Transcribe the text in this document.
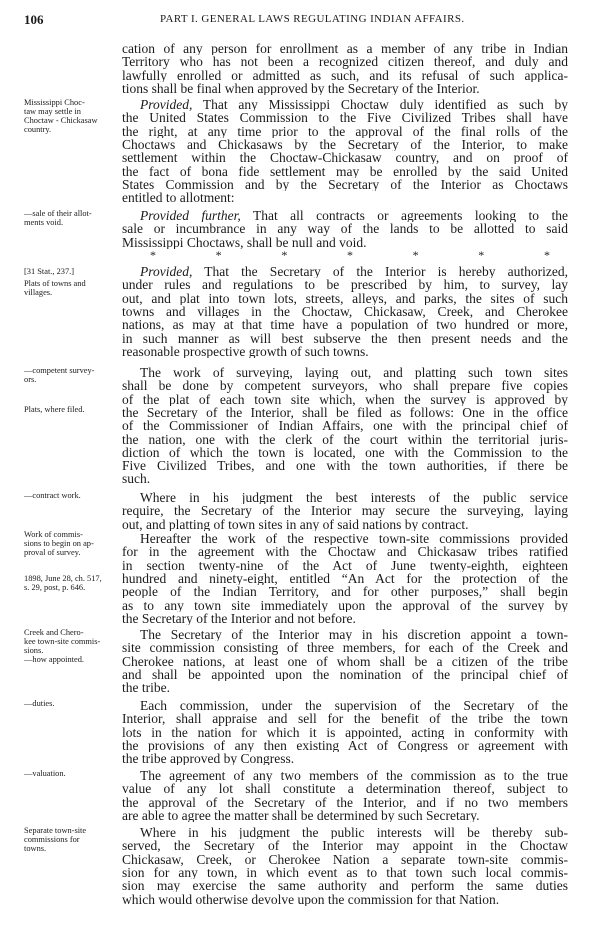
106	PART I. GENERAL LAWS REGULATING INDIAN AFFAIRS.
cation of any person for enrollment as a member of any tribe in Indian
Territory who has not been a recognized citizen thereof, and duly and
lawfully enrolled or admitted as such, and its refusal of such applica-
tions shall be final when approved by the Secretary of the Interior.
Provided, That any Mississippi Choctaw duly identified as such by
the United States Commission to the Five Civilized Tribes shall have
the right, at any time prior to the approval of the final rolls of the
Choctaws and Chickasaws by the Secretary of the Interior, to make
settlement within the Choctaw-Chickasaw country, and on proof of
the fact of bona fide settlement may be enrolled by the said United
States Commission and by the Secretary of the Interior as Choctaws
entitled to allotment:
Provided further, That all contracts or agreements looking to the
sale or incumbrance in any way of the lands to be allotted to said
Mississippi Choctaws, shall be null and void.
Provided, That the Secretary of the Interior is hereby authorized,
under rules and regulations to be prescribed by him, to survey, lay
out, and plat into town lots, streets, alleys, and parks, the sites of such
towns and villages in the Choctaw, Chickasaw, Creek, and Cherokee
nations, as may at that time have a population of two hundred or more,
in such manner as will best subserve the then present needs and the
reasonable prospective growth of such towns.
The work of surveying, laying out, and platting such town sites
shall be done by competent surveyors, who shall prepare five copies
of the plat of each town site which, when the survey is approved by
the Secretary of the Interior, shall be filed as follows: One in the office
of the Commissioner of Indian Affairs, one with the principal chief of
the nation, one with the clerk of the court within the territorial juris-
diction of which the town is located, one with the Commission to the
Five Civilized Tribes, and one with the town authorities, if there be
such.
Where in his judgment the best interests of the public service
require, the Secretary of the Interior may secure the surveying, laying
out, and platting of town sites in any of said nations by contract.
Hereafter the work of the respective town-site commissions provided
for in the agreement with the Choctaw and Chickasaw tribes ratified
in section twenty-nine of the Act of June twenty-eighth, eighteen
hundred and ninety-eight, entitled “An Act for the protection of the
people of the Indian Territory, and for other purposes,” shall begin
as to any town site immediately upon the approval of the survey by
the Secretary of the Interior and not before.
The Secretary of the Interior may in his discretion appoint a town-
site commission consisting of three members, for each of the Creek and
Cherokee nations, at least one of whom shall be a citizen of the tribe
and shall be appointed upon the nomination of the principal chief of
the tribe.
Each commission, under the supervision of the Secretary of the
Interior, shall appraise and sell for the benefit of the tribe the town
lots in the nation for which it is appointed, acting in conformity with
the provisions of any then existing Act of Congress or agreement with
the tribe approved by Congress.
The agreement of any two members of the commission as to the true
value of any lot shall constitute a determination thereof, subject to
the approval of the Secretary of the Interior, and if no two members
are able to agree the matter shall be determined by such Secretary.
Where in his judgment the public interests will be thereby sub-
served, the Secretary of the Interior may appoint in the Choctaw
Chickasaw, Creek, or Cherokee Nation a separate town-site commis-
sion for any town, in which event as to that town such local commis-
sion may exercise the same authority and perform the same duties
which would otherwise devolve upon the commission for that Nation.
*	*	*	*	*	*	*
Mississippi Choc-
taw may settle in
Choctaw - Chickasaw
country.
—sale of their allot-
ments void.
[31 Stat., 237.]
Plats of towns and
villages.
—competent survey-
ors.
Plats, where filed.
—contract work.
Work of commis-
sions to begin on ap-
proval of survey.
1898, June 28, ch. 517,
s. 29, post, p. 646.
Creek and Chero-
kee town-site commis-
sions.
—how appointed.
—duties.
—valuation.
Separate town-site
commissions for
towns.
